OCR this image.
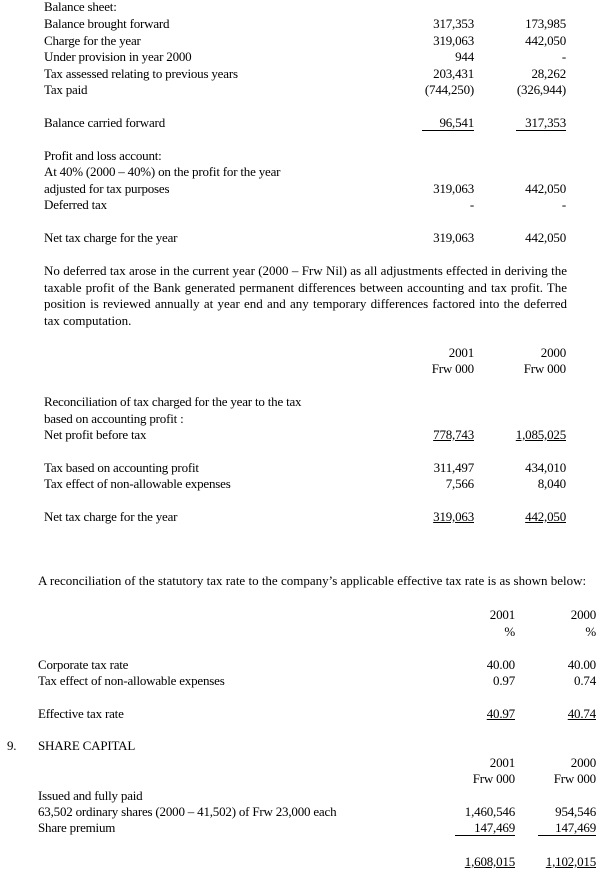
Balance sheet:
Balance brought forward	317,353	173,985
Charge for the year	319,063	442,050
Under provision in year 2000	944	-
Tax assessed relating to previous years	203,431	28,262
Tax paid	(744,250)	(326,944)
Balance carried forward	96,541	317,353
Profit and loss account:
At 40% (2000 – 40%) on the profit for the year
adjusted for tax purposes	319,063	442,050
Deferred tax	-	-
Net tax charge for the year	319,063	442,050
No deferred tax arose in the current year (2000 – Frw Nil) as all adjustments effected in deriving the taxable profit of the Bank generated permanent differences between accounting and tax profit. The position is reviewed annually at year end and any temporary differences factored into the deferred tax computation.
2001	2000
Frw 000	Frw 000
Reconciliation of tax charged for the year to the tax
based on accounting profit :
Net profit before tax	778,743	1,085,025
Tax based on accounting profit	311,497	434,010
Tax effect of non-allowable expenses	7,566	8,040
Net tax charge for the year	319,063	442,050
A reconciliation of the statutory tax rate to the company’s applicable effective tax rate is as shown below:
2001	2000
%	%
Corporate tax rate	40.00	40.00
Tax effect of non-allowable expenses	0.97	0.74
Effective tax rate	40.97	40.74
9. SHARE CAPITAL
2001	2000
Frw 000	Frw 000
Issued and fully paid
63,502 ordinary shares (2000 – 41,502) of Frw 23,000 each	1,460,546	954,546
Share premium	147,469	147,469
1,608,015 1,102,015
